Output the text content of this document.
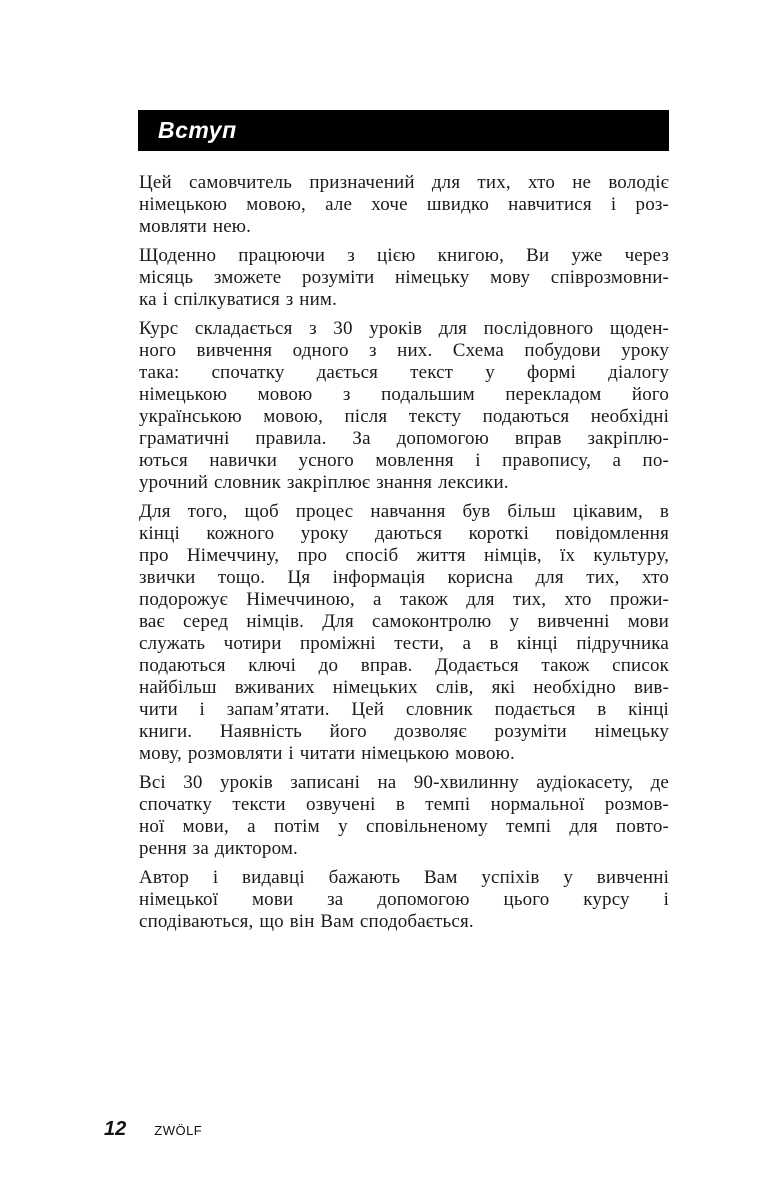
Вступ

Цей самовчитель призначений для тих, хто не володіє
німецькою мовою, але хоче швидко навчитися і роз-
мовляти нею.

Щоденно працюючи з цією книгою, Ви уже через
місяць зможете розуміти німецьку мову співрозмовни-
ка і спілкуватися з ним.

Курс складається з 30 уроків для послідовного щоден-
ного вивчення одного з них. Схема побудови уроку
така: спочатку дається текст у формі діалогу
німецькою мовою з подальшим перекладом його
українською мовою, після тексту подаються необхідні
граматичні правила. За допомогою вправ закріплю-
ються навички усного мовлення і правопису, а по-
урочний словник закріплює знання лексики.

Для того, щоб процес навчання був більш цікавим, в
кінці кожного уроку даються короткі повідомлення
про Німеччину, про спосіб життя німців, їх культуру,
звички тощо. Ця інформація корисна для тих, хто
подорожує Німеччиною, а також для тих, хто прожи-
ває серед німців. Для самоконтролю у вивченні мови
служать чотири проміжні тести, а в кінці підручника
подаються ключі до вправ. Додається також список
найбільш вживаних німецьких слів, які необхідно вив-
чити і запам’ятати. Цей словник подається в кінці
книги. Наявність його дозволяє розуміти німецьку
мову, розмовляти і читати німецькою мовою.

Всі 30 уроків записані на 90-хвилинну аудіокасету, де
спочатку тексти озвучені в темпі нормальної розмов-
ної мови, а потім у сповільненому темпі для повто-
рення за диктором.

Автор і видавці бажають Вам успіхів у вивченні
німецької мови за допомогою цього курсу і
сподіваються, що він Вам сподобається.

12 ZWÖLF
